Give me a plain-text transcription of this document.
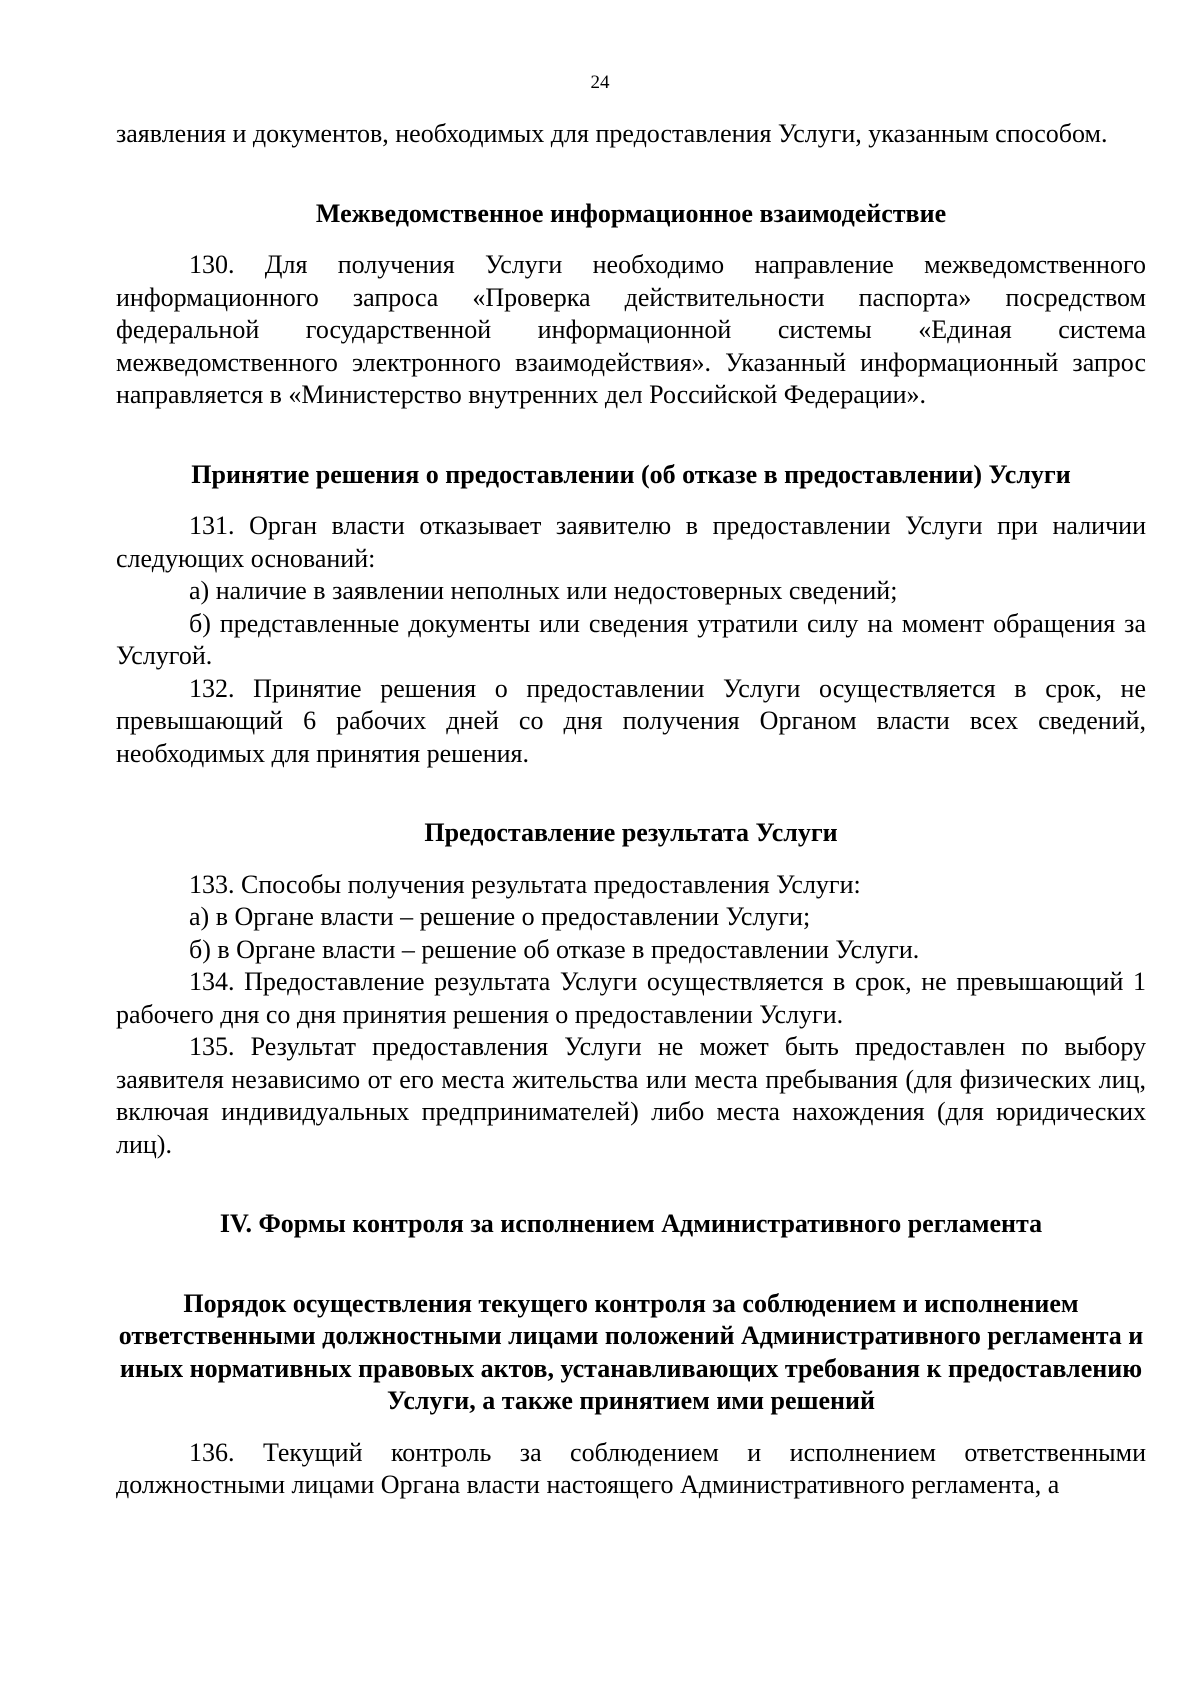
24

заявления и документов, необходимых для предоставления Услуги, указанным способом.

Межведомственное информационное взаимодействие

130. Для получения Услуги необходимо направление межведомственного информационного запроса «Проверка действительности паспорта» посредством федеральной государственной информационной системы «Единая система межведомственного электронного взаимодействия». Указанный информационный запрос направляется в «Министерство внутренних дел Российской Федерации».

Принятие решения о предоставлении (об отказе в предоставлении) Услуги

131. Орган власти отказывает заявителю в предоставлении Услуги при наличии следующих оснований:

а) наличие в заявлении неполных или недостоверных сведений;

б) представленные документы или сведения утратили силу на момент обращения за Услугой.

132. Принятие решения о предоставлении Услуги осуществляется в срок, не превышающий 6 рабочих дней со дня получения Органом власти всех сведений, необходимых для принятия решения.

Предоставление результата Услуги

133. Способы получения результата предоставления Услуги:

а) в Органе власти – решение о предоставлении Услуги;

б) в Органе власти – решение об отказе в предоставлении Услуги.

134. Предоставление результата Услуги осуществляется в срок, не превышающий 1 рабочего дня со дня принятия решения о предоставлении Услуги.

135. Результат предоставления Услуги не может быть предоставлен по выбору заявителя независимо от его места жительства или места пребывания (для физических лиц, включая индивидуальных предпринимателей) либо места нахождения (для юридических лиц).

IV. Формы контроля за исполнением Административного регламента
Порядок осуществления текущего контроля за соблюдением и исполнением ответственными должностными лицами положений Административного регламента и иных нормативных правовых актов, устанавливающих требования к предоставлению Услуги, а также принятием ими решений

136. Текущий контроль за соблюдением и исполнением ответственными должностными лицами Органа власти настоящего Административного регламента, а
